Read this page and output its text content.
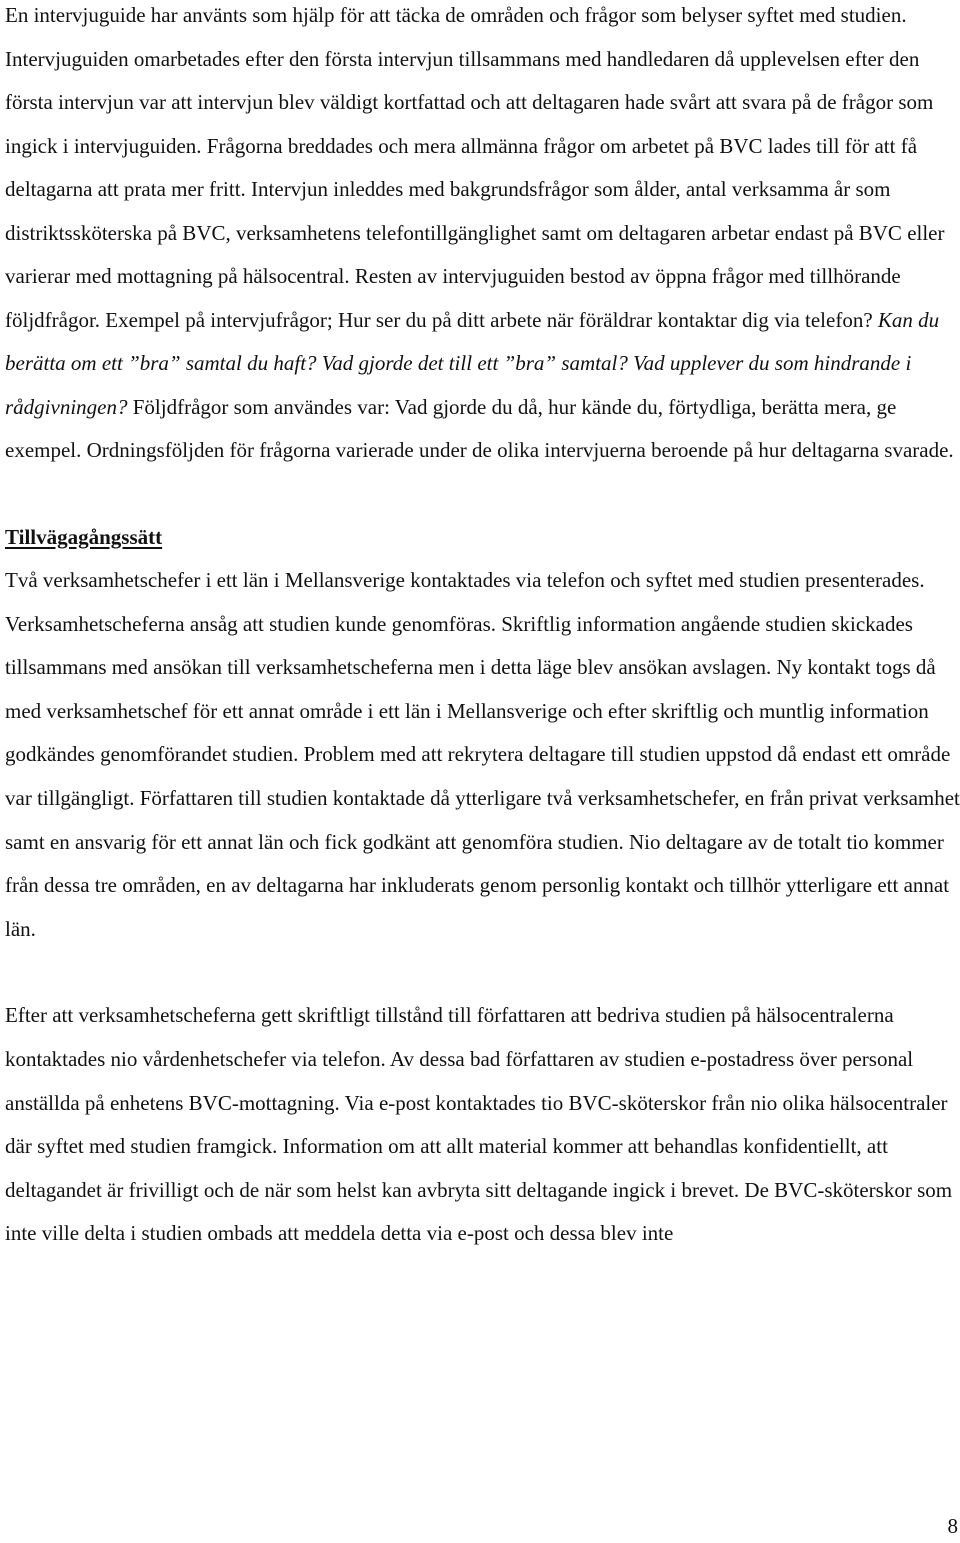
En intervjuguide har använts som hjälp för att täcka de områden och frågor som belyser syftet med studien. Intervjuguiden omarbetades efter den första intervjun tillsammans med handledaren då upplevelsen efter den första intervjun var att intervjun blev väldigt kortfattad och att deltagaren hade svårt att svara på de frågor som ingick i intervjuguiden. Frågorna breddades och mera allmänna frågor om arbetet på BVC lades till för att få deltagarna att prata mer fritt. Intervjun inleddes med bakgrundsfrågor som ålder, antal verksamma år som distriktssköterska på BVC, verksamhetens telefontillgänglighet samt om deltagaren arbetar endast på BVC eller varierar med mottagning på hälsocentral. Resten av intervjuguiden bestod av öppna frågor med tillhörande följdfrågor. Exempel på intervjufrågor; Hur ser du på ditt arbete när föräldrar kontaktar dig via telefon? Kan du berätta om ett ”bra” samtal du haft? Vad gjorde det till ett ”bra” samtal? Vad upplever du som hindrande i rådgivningen? Följdfrågor som användes var: Vad gjorde du då, hur kände du, förtydliga, berätta mera, ge exempel. Ordningsföljden för frågorna varierade under de olika intervjuerna beroende på hur deltagarna svarade.

Tillvägagångssätt

Två verksamhetschefer i ett län i Mellansverige kontaktades via telefon och syftet med studien presenterades. Verksamhetscheferna ansåg att studien kunde genomföras. Skriftlig information angående studien skickades tillsammans med ansökan till verksamhetscheferna men i detta läge blev ansökan avslagen. Ny kontakt togs då med verksamhetschef för ett annat område i ett län i Mellansverige och efter skriftlig och muntlig information godkändes genomförandet studien. Problem med att rekrytera deltagare till studien uppstod då endast ett område var tillgängligt. Författaren till studien kontaktade då ytterligare två verksamhetschefer, en från privat verksamhet samt en ansvarig för ett annat län och fick godkänt att genomföra studien. Nio deltagare av de totalt tio kommer från dessa tre områden, en av deltagarna har inkluderats genom personlig kontakt och tillhör ytterligare ett annat län.

Efter att verksamhetscheferna gett skriftligt tillstånd till författaren att bedriva studien på hälsocentralerna kontaktades nio vårdenhetschefer via telefon. Av dessa bad författaren av studien e-postadress över personal anställda på enhetens BVC-mottagning. Via e-post kontaktades tio BVC-sköterskor från nio olika hälsocentraler där syftet med studien framgick. Information om att allt material kommer att behandlas konfidentiellt, att deltagandet är frivilligt och de när som helst kan avbryta sitt deltagande ingick i brevet. De BVC-sköterskor som inte ville delta i studien ombads att meddela detta via e-post och dessa blev inte

8
